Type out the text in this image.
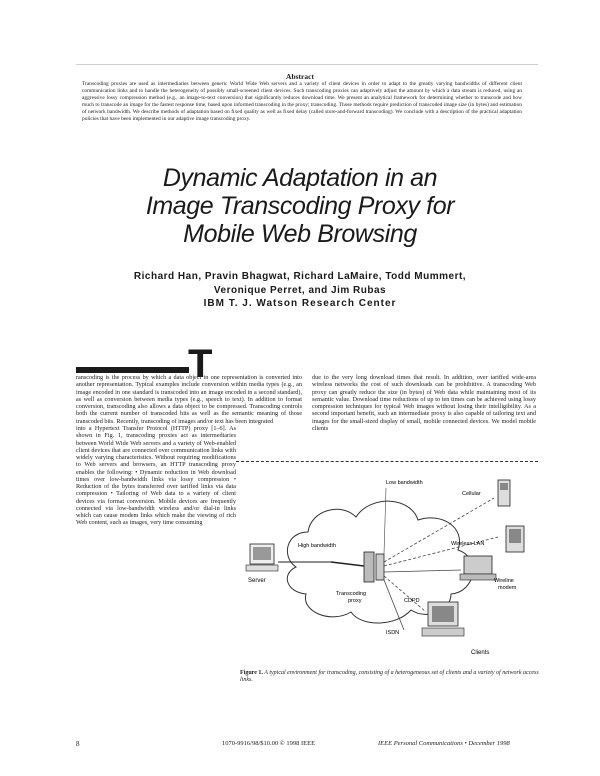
Abstract
Transcoding proxies are used as intermediaries between generic World Wide Web servers and a variety of client devices in order to adapt to the greatly varying bandwidths of different client communication links and to handle the heterogeneity of possibly small-screened client devices. Such transcoding proxies can adaptively adjust the amount by which a data stream is reduced, using an aggressive lossy compression method (e.g., an image-to-text conversion) that significantly reduces download time. We present an analytical framework for determining whether to transcode and how much to transcode an image for the fastest response time, based upon informed transcoding in the proxy; transcoding. Those methods require prediction of transcoded image size (in bytes) and estimation of network bandwidth. We describe methods of adaptation based on fixed quality as well as fixed delay (called store-and-forward transcoding). We conclude with a description of the practical adaptation policies that have been implemented in our adaptive image transcoding proxy.
Dynamic Adaptation in an
Image Transcoding Proxy for
Mobile Web Browsing
Richard Han, Pravin Bhagwat, Richard LaMaire, Todd Mummert,
Veronique Perret, and Jim Rubas
IBM T. J. Watson Research Center
T
ranscoding is the process by which a data object in one representation is converted into another representation. Typical examples include conversion within media types (e.g., an image encoded in one standard is transcoded into an image encoded in a second standard), as well as conversion between media types (e.g., speech to text). In addition to format conversion, transcoding also allows a data object to be compressed. Transcoding controls both the current number of transcoded bits as well as the semantic meaning of those transcoded bits. Recently, transcoding of images and/or text has been integrated
into a Hypertext Transfer Protocol (HTTP) proxy [1–6]. As shown in Fig. 1, transcoding proxies act as intermediaries between World Wide Web servers and a variety of Web-enabled client devices that are connected over communication links with widely varying characteristics. Without requiring modifications to Web servers and browsers, an HTTP transcoding proxy enables the following: • Dynamic reduction in Web download times over low-bandwidth links via lossy compression • Reduction of the bytes transferred over tariffed links via data compression • Tailoring of Web data to a variety of client devices via format conversion. Mobile devices are frequently connected via low-bandwidth wireless and/or dial-in links which can cause modem links which make the viewing of rich Web content, such as images, very time consuming
due to the very long download times that result. In addition, over tariffed wide-area wireless networks the cost of such downloads can be prohibitive. A transcoding Web proxy can greatly reduce the size (in bytes) of Web data while maintaining most of its semantic value. Download time reductions of up to ten times can be achieved using lossy compression techniques for typical Web images without losing their intelligibility. As a second important benefit, such an intermediate proxy is also capable of tailoring text and images for the small-sized display of small, mobile connected devices. We model mobile clients
Server
Transcoding
proxy
High bandwidth
Low bandwidth
Cellular
Wireless LAN
Wireline
modem
CDPD
ISDN
Clients
Figure 1. A typical environment for transcoding, consisting of a heterogeneous set of clients and a variety of network access links.
8	1070-9916/98/$10.00 © 1998 IEEE	IEEE Personal Communications • December 1998
